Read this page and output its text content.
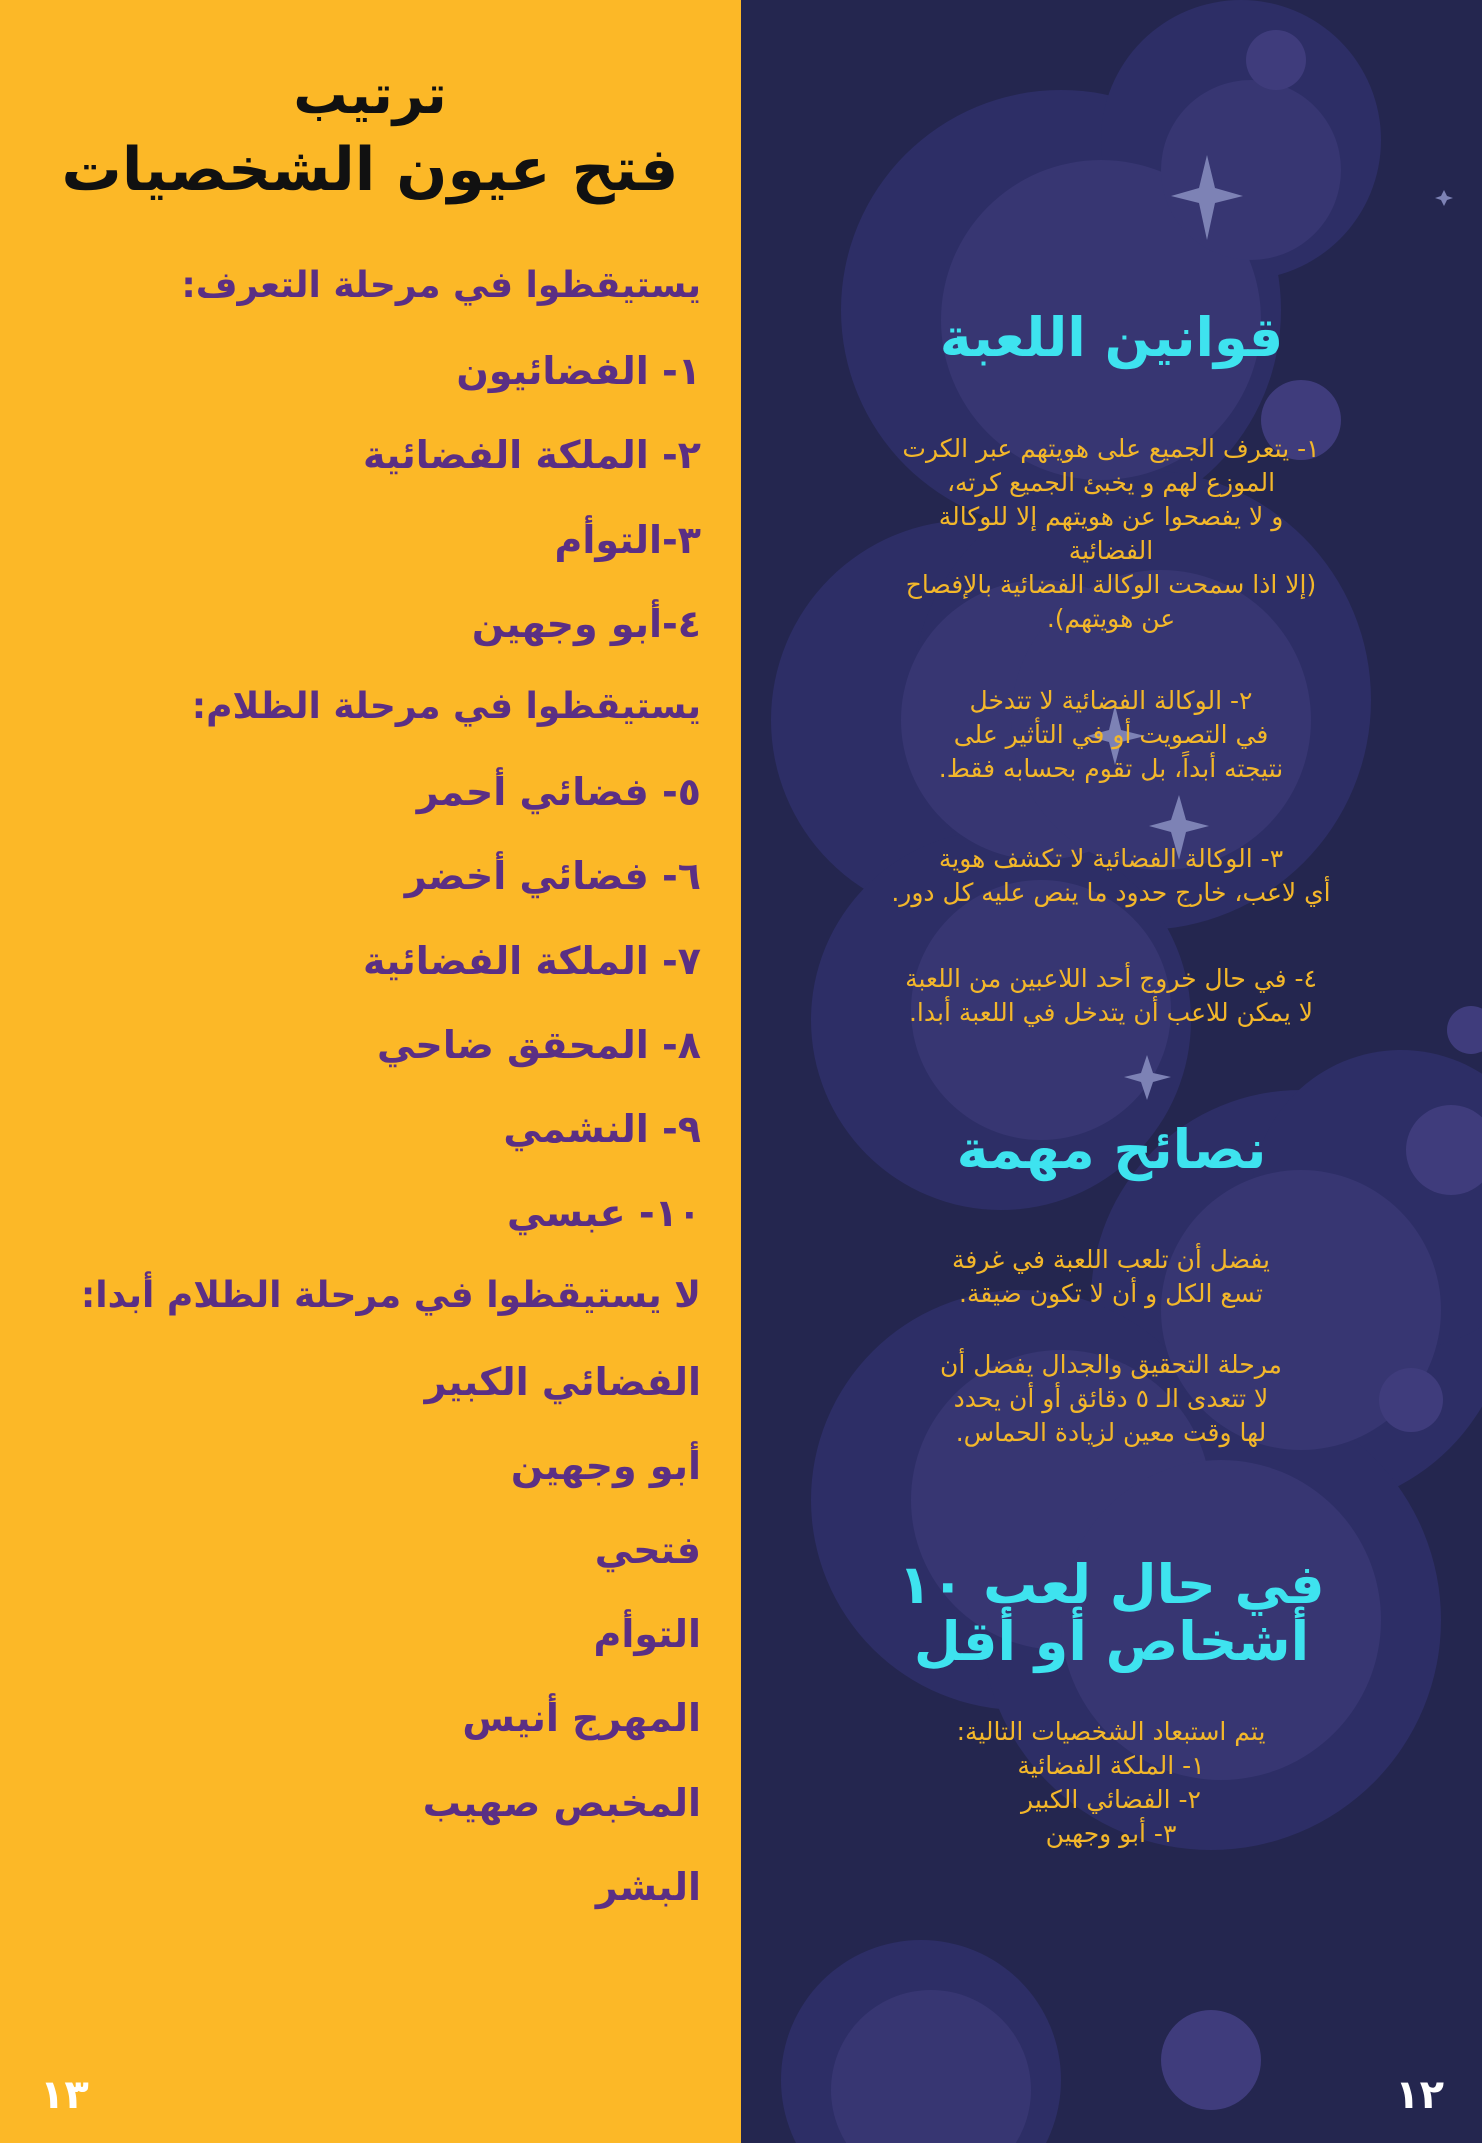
ترتيب
فتح عيون الشخصيات
يستيقظوا في مرحلة التعرف:
١- الفضائيون
٢- الملكة الفضائية
٣-التوأم
٤-أبو وجهين
يستيقظوا في مرحلة الظلام:
٥- فضائي أحمر
٦- فضائي أخضر
٧- الملكة الفضائية
٨- المحقق ضاحي
٩- النشمي
١٠- عبسي
لا يستيقظوا في مرحلة الظلام أبدا:
الفضائي الكبير
أبو وجهين
فتحي
التوأم
المهرج أنيس
المخبص صهيب
البشر
١٣
قوانين اللعبة

١- يتعرف الجميع على هويتهم عبر الكرت

الموزع لهم و يخبئ الجميع كرته،

و لا يفصحوا عن هويتهم إلا للوكالة

الفضائية

(إلا اذا سمحت الوكالة الفضائية بالإفصاح

عن هويتهم).

٢- الوكالة الفضائية لا تتدخل

في التصويت أو في التأثير على

نتيجته أبداً، بل تقوم بحسابه فقط.

٣- الوكالة الفضائية لا تكشف هوية

أي لاعب، خارج حدود ما ينص عليه كل دور.

٤- في حال خروج أحد اللاعبين من اللعبة

لا يمكن للاعب أن يتدخل في اللعبة أبدا.

نصائح مهمة

يفضل أن تلعب اللعبة في غرفة

تسع الكل و أن لا تكون ضيقة.

مرحلة التحقيق والجدال يفضل أن

لا تتعدى الـ ٥ دقائق أو أن يحدد

لها وقت معين لزيادة الحماس.

في حال لعب ١٠
أشخاص أو أقل

يتم استبعاد الشخصيات التالية:

١- الملكة الفضائية

٢- الفضائي الكبير

٣- أبو وجهين

١٢
